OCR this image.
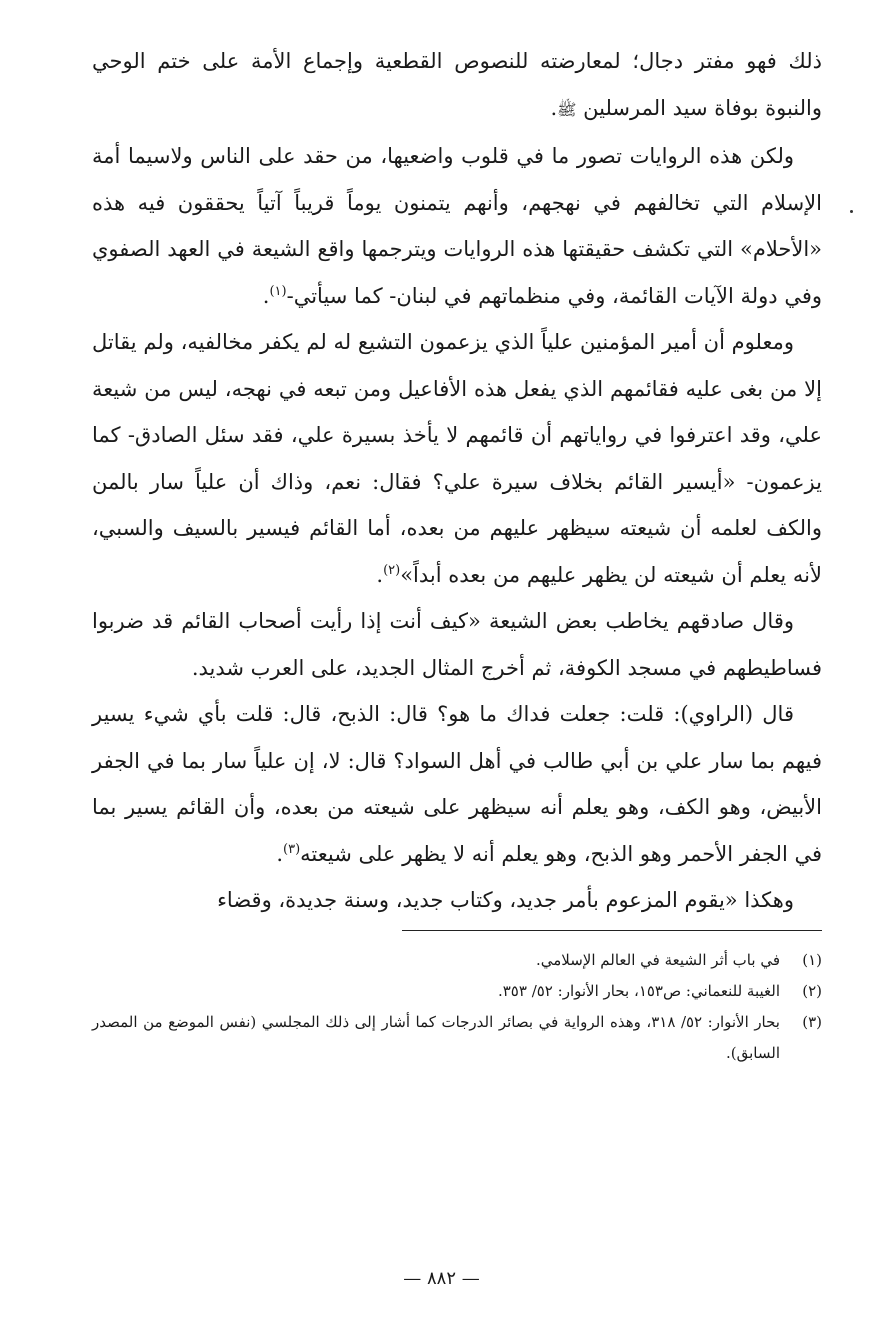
ذلك فهو مفتر دجال؛ لمعارضته للنصوص القطعية وإجماع الأمة على ختم الوحي والنبوة بوفاة سيد المرسلين ﷺ.

ولكن هذه الروايات تصور ما في قلوب واضعيها، من حقد على الناس ولاسيما أمة الإسلام التي تخالفهم في نهجهم، وأنهم يتمنون يوماً قريباً آتياً يحققون فيه هذه «الأحلام» التي تكشف حقيقتها هذه الروايات ويترجمها واقع الشيعة في العهد الصفوي وفي دولة الآيات القائمة، وفي منظماتهم في لبنان- كما سيأتي-$^{(١)}$.

ومعلوم أن أمير المؤمنين علياً الذي يزعمون التشيع له لم يكفر مخالفيه، ولم يقاتل إلا من بغى عليه فقائمهم الذي يفعل هذه الأفاعيل ومن تبعه في نهجه، ليس من شيعة علي، وقد اعترفوا في رواياتهم أن قائمهم لا يأخذ بسيرة علي، فقد سئل الصادق- كما يزعمون- «أيسير القائم بخلاف سيرة علي؟ فقال: نعم، وذاك أن علياً سار بالمن والكف لعلمه أن شيعته سيظهر عليهم من بعده، أما القائم فيسير بالسيف والسبي، لأنه يعلم أن شيعته لن يظهر عليهم من بعده أبداً»$^{(٢)}$.

وقال صادقهم يخاطب بعض الشيعة «كيف أنت إذا رأيت أصحاب القائم قد ضربوا فساطيطهم في مسجد الكوفة، ثم أخرج المثال الجديد، على العرب شديد.

قال (الراوي): قلت: جعلت فداك ما هو؟ قال: الذبح، قال: قلت بأي شيء يسير فيهم بما سار علي بن أبي طالب في أهل السواد؟ قال: لا، إن علياً سار بما في الجفر الأبيض، وهو الكف، وهو يعلم أنه سيظهر على شيعته من بعده، وأن القائم يسير بما في الجفر الأحمر وهو الذبح، وهو يعلم أنه لا يظهر على شيعته$^{(٣)}$.

وهكذا «يقوم المزعوم بأمر جديد، وكتاب جديد، وسنة جديدة، وقضاء

(١)
في باب أثر الشيعة في العالم الإسلامي.

(٢)
الغيبة للنعماني: ص١٥٣، بحار الأنوار: ٥٢/ ٣٥٣.

(٣)
بحار الأنوار: ٥٢/ ٣١٨، وهذه الرواية في بصائر الدرجات كما أشار إلى ذلك المجلسي (نفس الموضع من المصدر السابق).

— ٨٨٢ —
